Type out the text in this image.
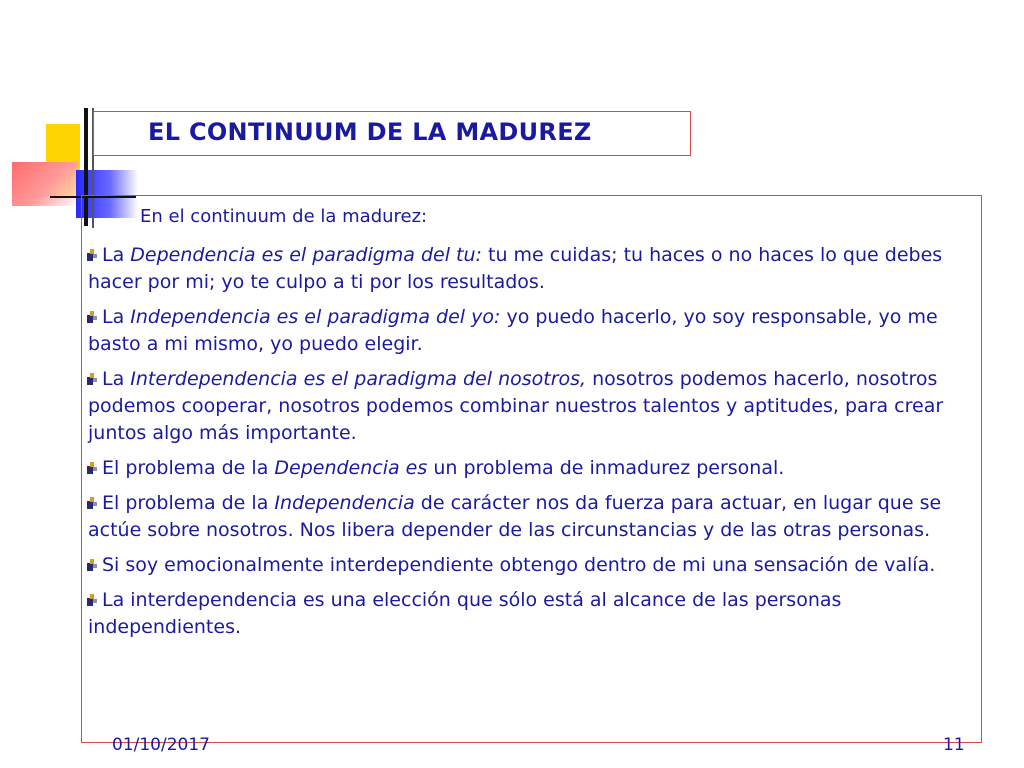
EL CONTINUUM DE LA MADUREZ
En el continuum de la madurez:
La Dependencia es el paradigma del tu: tu me cuidas; tu haces o no haces lo que debes hacer por mi; yo te culpo a ti por los resultados.
La Independencia es el paradigma del yo: yo puedo hacerlo, yo soy responsable, yo me basto a mi mismo, yo puedo elegir.
La Interdependencia es el paradigma del nosotros, nosotros podemos hacerlo, nosotros podemos cooperar, nosotros podemos combinar nuestros talentos y aptitudes, para crear juntos algo más importante.
El problema de la Dependencia es un problema de inmadurez personal.
El problema de la Independencia de carácter nos da fuerza para actuar, en lugar que se actúe sobre nosotros. Nos libera depender de las circunstancias y de las otras personas.
Si soy emocionalmente interdependiente obtengo dentro de mi una sensación de valía.
La interdependencia es una elección que sólo está al alcance de las personas independientes.
01/10/2017	11
